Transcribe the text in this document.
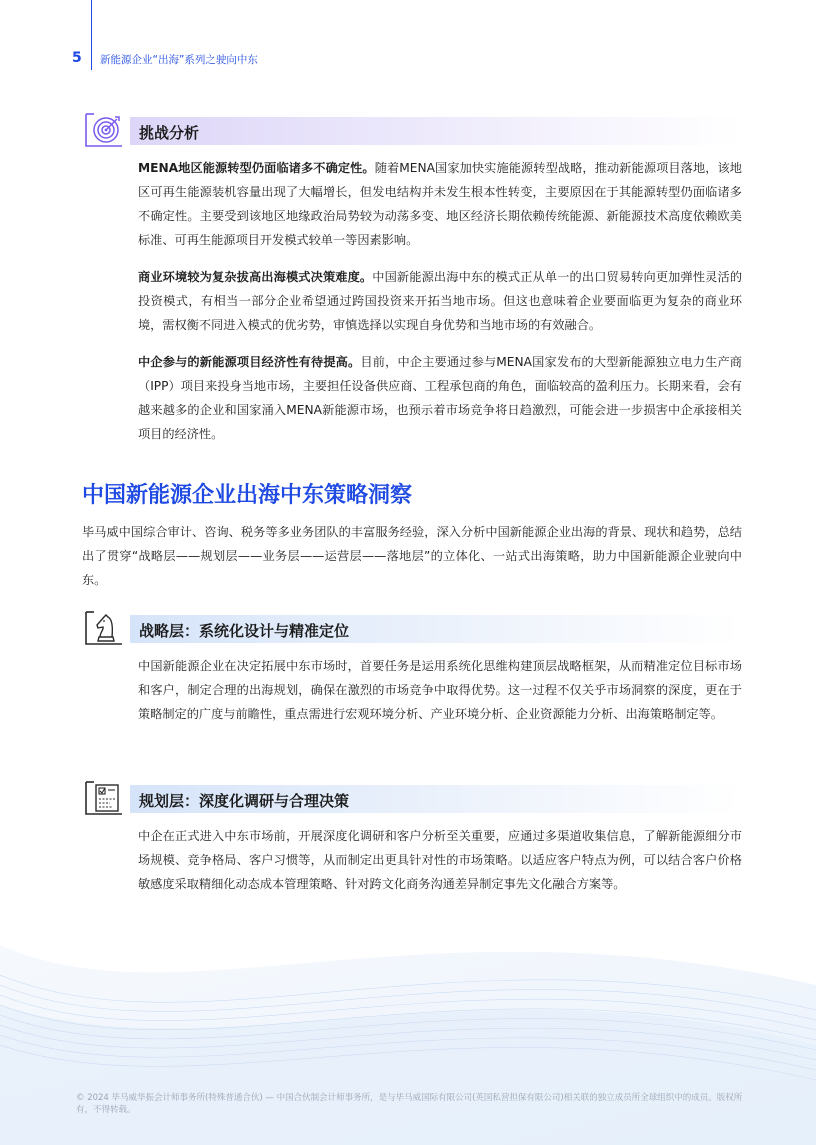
5 新能源企业“出海”系列之驶向中东
挑战分析
MENA地区能源转型仍面临诸多不确定性。随着MENA国家加快实施能源转型战略，推动新能源项目落地，该地区可再生能源装机容量出现了大幅增长，但发电结构并未发生根本性转变，主要原因在于其能源转型仍面临诸多不确定性。主要受到该地区地缘政治局势较为动荡多变、地区经济长期依赖传统能源、新能源技术高度依赖欧美标准、可再生能源项目开发模式较单一等因素影响。
商业环境较为复杂拔高出海模式决策难度。中国新能源出海中东的模式正从单一的出口贸易转向更加弹性灵活的投资模式，有相当一部分企业希望通过跨国投资来开拓当地市场。但这也意味着企业要面临更为复杂的商业环境，需权衡不同进入模式的优劣势，审慎选择以实现自身优势和当地市场的有效融合。
中企参与的新能源项目经济性有待提高。目前，中企主要通过参与MENA国家发布的大型新能源独立电力生产商（IPP）项目来投身当地市场，主要担任设备供应商、工程承包商的角色，面临较高的盈利压力。长期来看，会有越来越多的企业和国家涌入MENA新能源市场，也预示着市场竞争将日趋激烈，可能会进一步损害中企承接相关项目的经济性。
中国新能源企业出海中东策略洞察
毕马威中国综合审计、咨询、税务等多业务团队的丰富服务经验，深入分析中国新能源企业出海的背景、现状和趋势，总结出了贯穿“战略层——规划层——业务层——运营层——落地层”的立体化、一站式出海策略，助力中国新能源企业驶向中东。
战略层：系统化设计与精准定位
中国新能源企业在决定拓展中东市场时，首要任务是运用系统化思维构建顶层战略框架，从而精准定位目标市场和客户，制定合理的出海规划，确保在激烈的市场竞争中取得优势。这一过程不仅关乎市场洞察的深度，更在于策略制定的广度与前瞻性，重点需进行宏观环境分析、产业环境分析、企业资源能力分析、出海策略制定等。
规划层：深度化调研与合理决策
中企在正式进入中东市场前，开展深度化调研和客户分析至关重要，应通过多渠道收集信息，了解新能源细分市场规模、竞争格局、客户习惯等，从而制定出更具针对性的市场策略。以适应客户特点为例，可以结合客户价格敏感度采取精细化动态成本管理策略、针对跨文化商务沟通差异制定事先文化融合方案等。
© 2024 毕马威华振会计师事务所(特殊普通合伙) — 中国合伙制会计师事务所，是与毕马威国际有限公司(英国私营担保有限公司)相关联的独立成员所全球组织中的成员。版权所有，不得转载。
